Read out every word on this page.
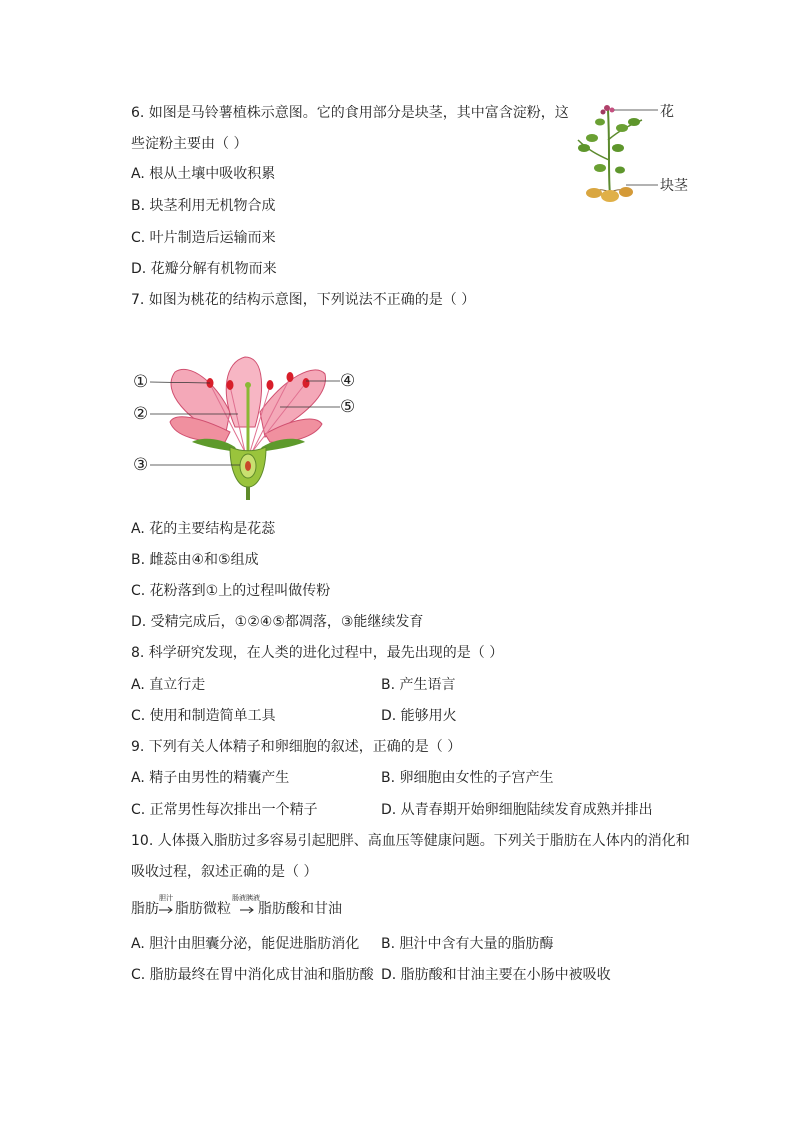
6. 如图是马铃薯植株示意图。它的食用部分是块茎，其中富含淀粉，这
些淀粉主要由（ ）
A. 根从土壤中吸收积累
B. 块茎利用无机物合成
C. 叶片制造后运输而来
D. 花瓣分解有机物而来
花
块茎
7. 如图为桃花的结构示意图，下列说法不正确的是（ ）
①
②
③
④
⑤
A. 花的主要结构是花蕊
B. 雌蕊由④和⑤组成
C. 花粉落到①上的过程叫做传粉
D. 受精完成后，①②④⑤都凋落，③能继续发育
8. 科学研究发现，在人类的进化过程中，最先出现的是（ ）
A. 直立行走	B. 产生语言
C. 使用和制造简单工具	D. 能够用火
9. 下列有关人体精子和卵细胞的叙述，正确的是（ ）
A. 精子由男性的精囊产生	B. 卵细胞由女性的子宫产生
C. 正常男性每次排出一个精子	D. 从青春期开始卵细胞陆续发育成熟并排出
10. 人体摄入脂肪过多容易引起肥胖、高血压等健康问题。下列关于脂肪在人体内的消化和
吸收过程，叙述正确的是（ ）
脂肪
胆汁
脂肪微粒
肠液胰液
脂肪酸和甘油
A. 胆汁由胆囊分泌，能促进脂肪消化 B. 胆汁中含有大量的脂肪酶
C. 脂肪最终在胃中消化成甘油和脂肪酸 D. 脂肪酸和甘油主要在小肠中被吸收
